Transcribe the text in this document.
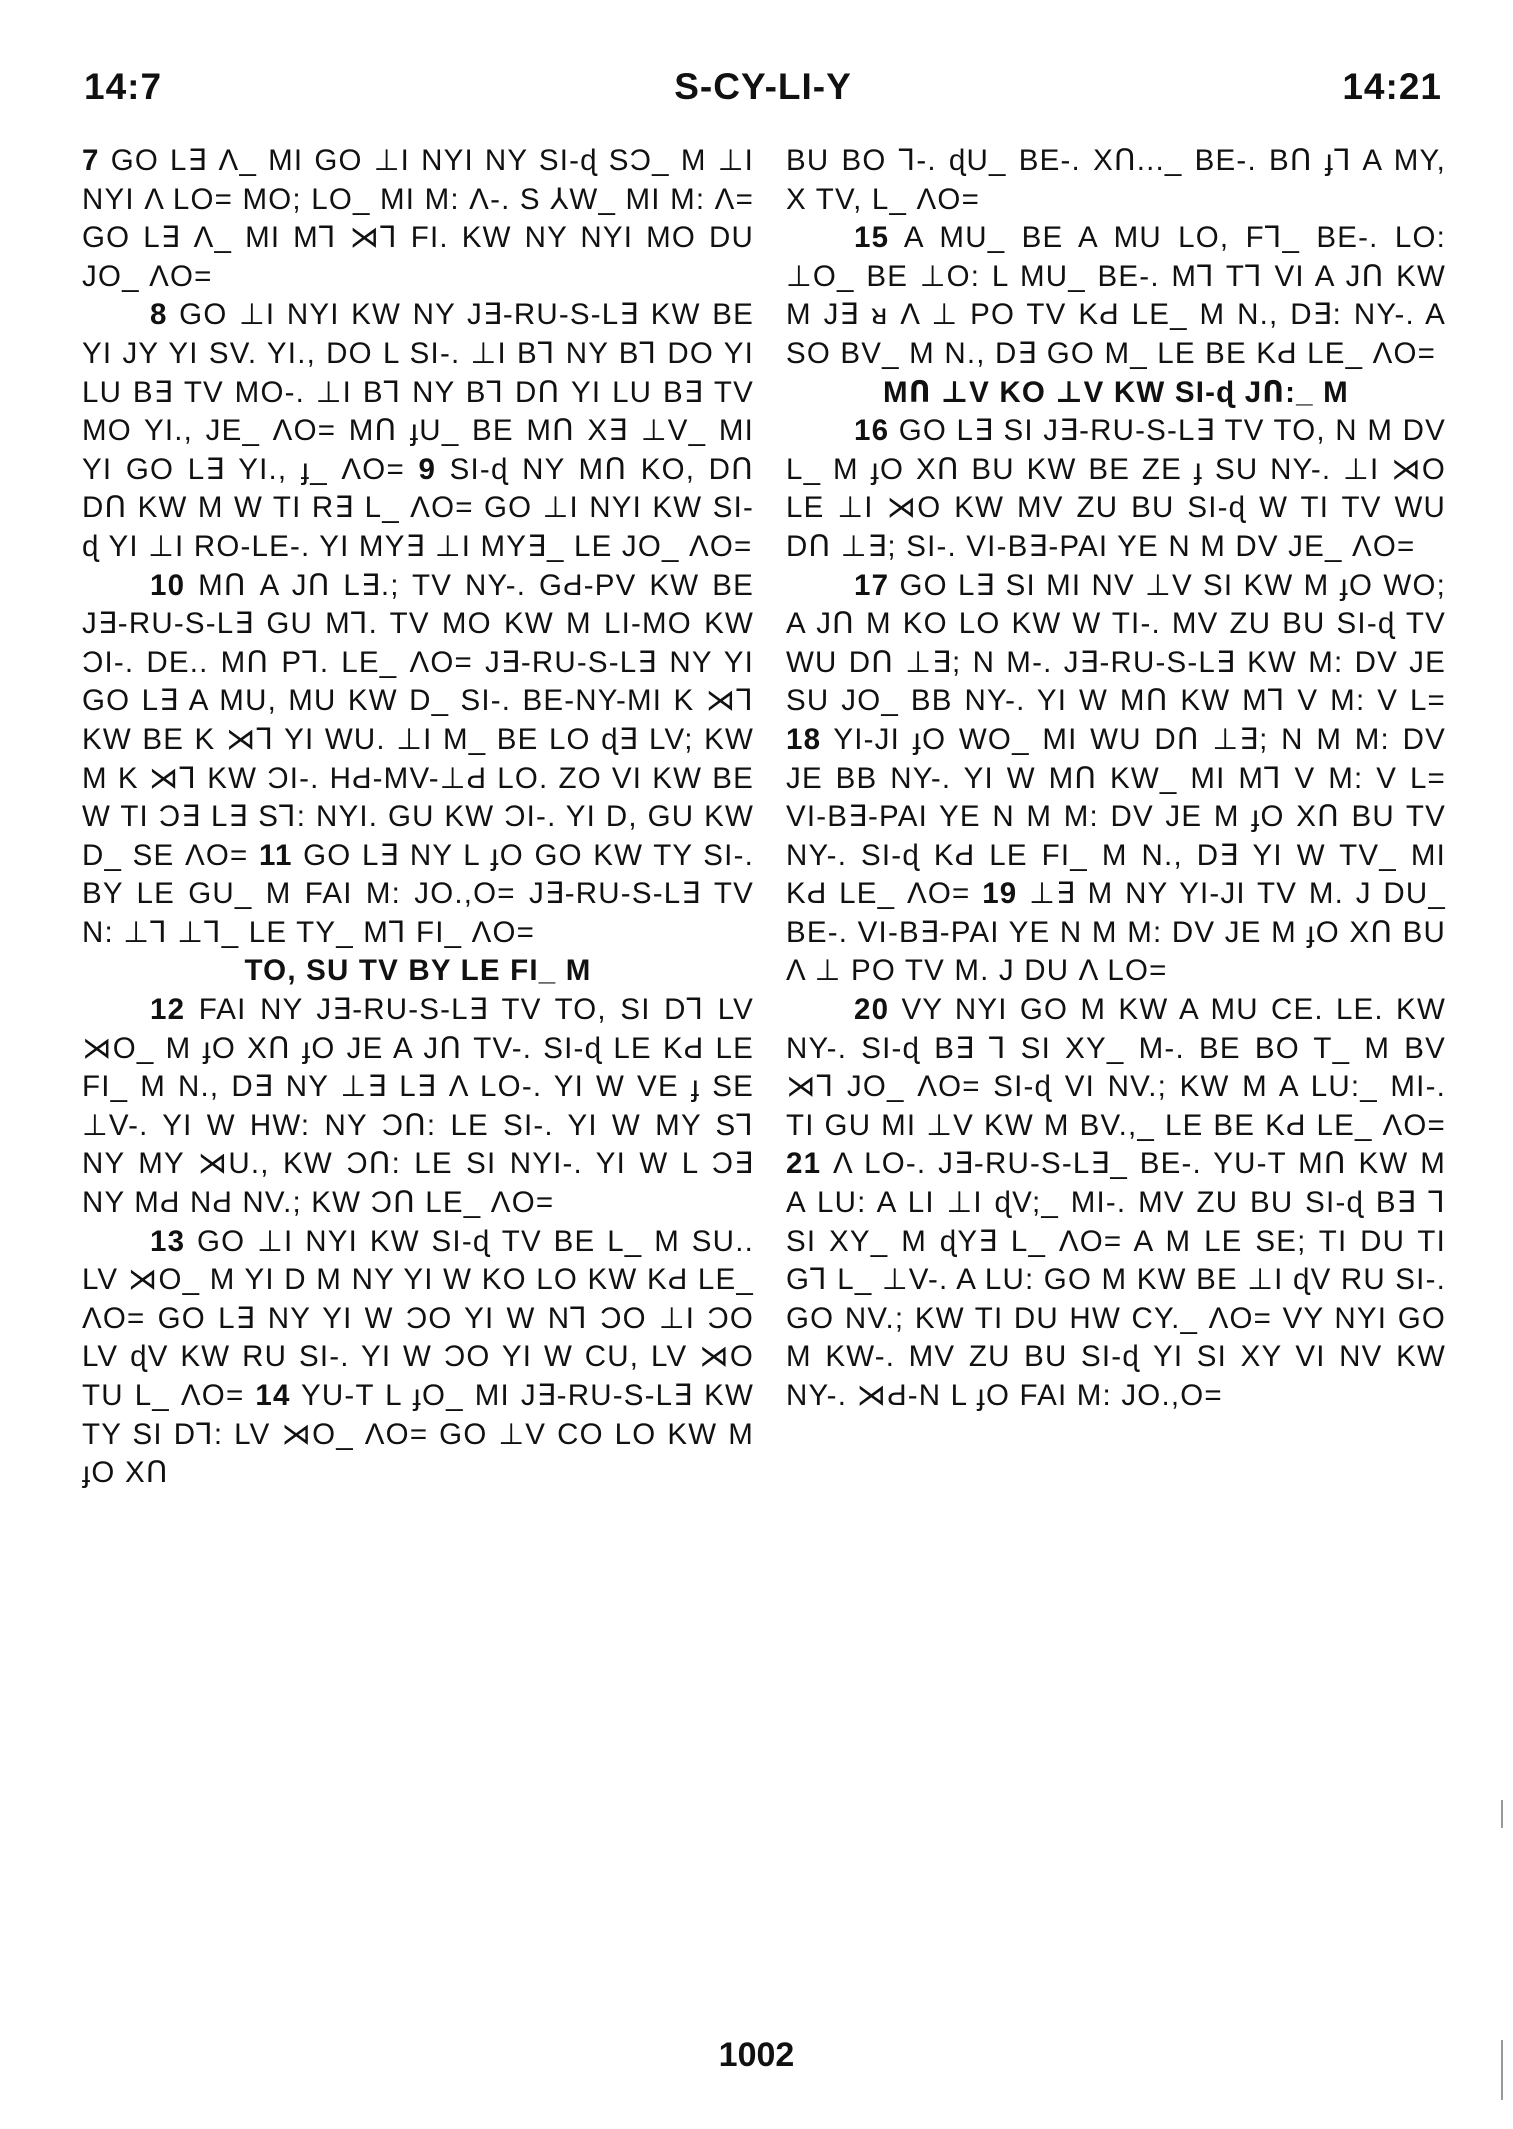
14:7	S-CY-LI-Y	14:21

7 GO L∃ Λ_ MI GO ⊥I NYI NY SI-ɖ SƆ_ M ⊥I NYI Λ LO= MO; LO_ MI M: Λ-. S ⅄W_ MI M: Λ= GO L∃ Λ_ MI M⅂ ⋊⅂ FI. KW NY NYI MO DU JO_ ΛO=

8 GO ⊥I NYI KW NY J∃-RU-S-L∃ KW BE YI JY YI SV. YI., DO L SI-. ⊥I B⅂ NY B⅂ DO YI LU B∃ TV MO-. ⊥I B⅂ NY B⅂ DՈ YI LU B∃ TV MO YI., JE_ ΛO= MՈ ɟU_ BE MՈ X∃ ⊥V_ MI YI GO L∃ YI., ɟ_ ΛO= 9 SI-ɖ NY MՈ KO, DՈ DՈ KW M W TI R∃ L_ ΛO= GO ⊥I NYI KW SI-ɖ YI ⊥I RO-LE-. YI MY∃ ⊥I MY∃_ LE JO_ ΛO=

10 MՈ A JՈ L∃.; TV NY-. GԀ-PV KW BE J∃-RU-S-L∃ GU M⅂. TV MO KW M LI-MO KW ƆI-. DE.. MՈ P⅂. LE_ ΛO= J∃-RU-S-L∃ NY YI GO L∃ A MU, MU KW D_ SI-. BE-NY-MI K ⋊⅂ KW BE K ⋊⅂ YI WU. ⊥I M_ BE LO ɖ∃ LV; KW M K ⋊⅂ KW ƆI-. HԀ-MV-⊥Ԁ LO. ZO VI KW BE W TI Ɔ∃ L∃ S⅂: NYI. GU KW ƆI-. YI D, GU KW D_ SE ΛO= 11 GO L∃ NY L ɟO GO KW TY SI-. BY LE GU_ M FAI M: JO.,O= J∃-RU-S-L∃ TV N: ⊥⅂ ⊥⅂_ LE TY_ M⅂ FI_ ΛO=

TO, SU TV BY LE FI_ M

12 FAI NY J∃-RU-S-L∃ TV TO, SI D⅂ LV ⋊O_ M ɟO XՈ ɟO JE A JՈ TV-. SI-ɖ LE KԀ LE FI_ M N., D∃ NY ⊥∃ L∃ Λ LO-. YI W VE ɟ SE ⊥V-. YI W HW: NY ƆՈ: LE SI-. YI W MY S⅂ NY MY ⋊U., KW ƆՈ: LE SI NYI-. YI W L Ɔ∃ NY MԀ NԀ NV.; KW ƆՈ LE_ ΛO=

13 GO ⊥I NYI KW SI-ɖ TV BE L_ M SU.. LV ⋊O_ M YI D M NY YI W KO LO KW KԀ LE_ ΛO= GO L∃ NY YI W ƆO YI W N⅂ ƆO ⊥I ƆO LV ɖV KW RU SI-. YI W ƆO YI W CU, LV ⋊O TU L_ ΛO= 14 YU-T L ɟO_ MI J∃-RU-S-L∃ KW TY SI D⅂: LV ⋊O_ ΛO= GO ⊥V CO LO KW M ɟO XՈ

BU BO ⅂-. ɖU_ BE-. XՈ..._ BE-. BՈ ɟ⅂ A MY, X TV, L_ ΛO=

15 A MU_ BE A MU LO, F⅂_ BE-. LO: ⊥O_ BE ⊥O: L MU_ BE-. M⅂ T⅂ VI A JՈ KW M J∃ ᴚ Λ ⊥ PO TV KԀ LE_ M N., D∃: NY-. A SO BV_ M N., D∃ GO M_ LE BE KԀ LE_ ΛO=

MՈ ⊥V KO ⊥V KW SI-ɖ JՈ:_ M

16 GO L∃ SI J∃-RU-S-L∃ TV TO, N M DV L_ M ɟO XՈ BU KW BE ZE ɟ SU NY-. ⊥I ⋊O LE ⊥I ⋊O KW MV ZU BU SI-ɖ W TI TV WU DՈ ⊥∃; SI-. VI-B∃-PAI YE N M DV JE_ ΛO=

17 GO L∃ SI MI NV ⊥V SI KW M ɟO WO; A JՈ M KO LO KW W TI-. MV ZU BU SI-ɖ TV WU DՈ ⊥∃; N M-. J∃-RU-S-L∃ KW M: DV JE SU JO_ BB NY-. YI W MՈ KW M⅂ V M: V L= 18 YI-JI ɟO WO_ MI WU DՈ ⊥∃; N M M: DV JE BB NY-. YI W MՈ KW_ MI M⅂ V M: V L= VI-B∃-PAI YE N M M: DV JE M ɟO XՈ BU TV NY-. SI-ɖ KԀ LE FI_ M N., D∃ YI W TV_ MI KԀ LE_ ΛO= 19 ⊥∃ M NY YI-JI TV M. J DU_ BE-. VI-B∃-PAI YE N M M: DV JE M ɟO XՈ BU Λ ⊥ PO TV M. J DU Λ LO=

20 VY NYI GO M KW A MU CE. LE. KW NY-. SI-ɖ B∃ ⅂ SI XY_ M-. BE BO T_ M BV ⋊⅂ JO_ ΛO= SI-ɖ VI NV.; KW M A LU:_ MI-. TI GU MI ⊥V KW M BV.,_ LE BE KԀ LE_ ΛO= 21 Λ LO-. J∃-RU-S-L∃_ BE-. YU-T MՈ KW M A LU: A LI ⊥I ɖV;_ MI-. MV ZU BU SI-ɖ B∃ ⅂ SI XY_ M ɖY∃ L_ ΛO= A M LE SE; TI DU TI G⅂ L_ ⊥V-. A LU: GO M KW BE ⊥I ɖV RU SI-. GO NV.; KW TI DU HW CY._ ΛO= VY NYI GO M KW-. MV ZU BU SI-ɖ YI SI XY VI NV KW NY-. ⋊Ԁ-N L ɟO FAI M: JO.,O=

1002
